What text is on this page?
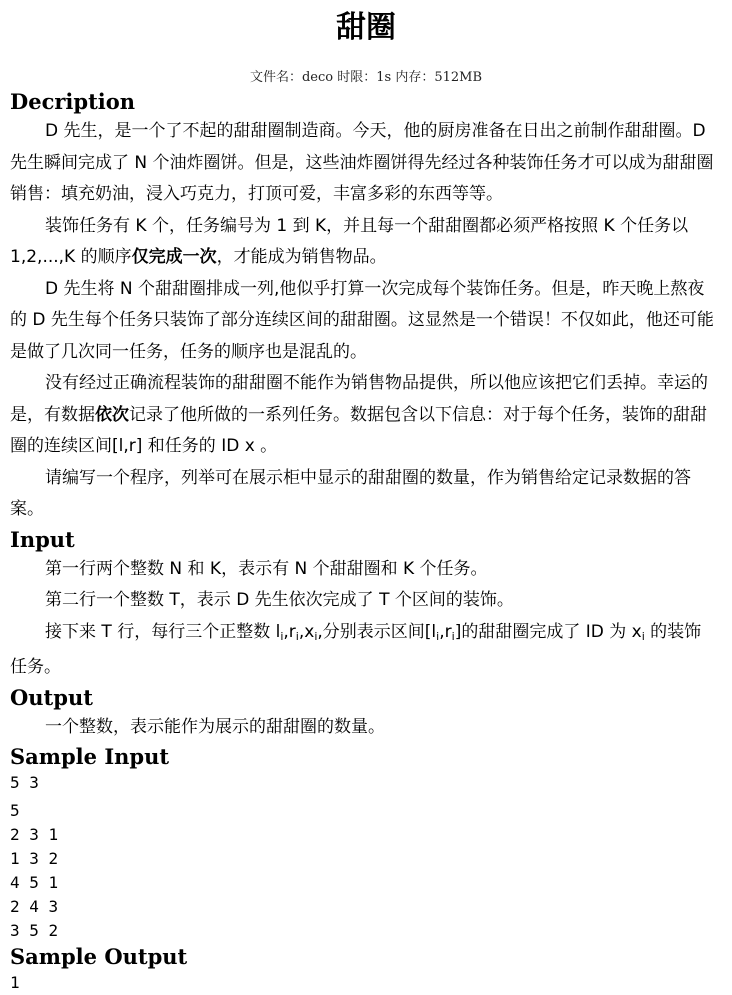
甜圈
文件名：deco 时限：1s 内存：512MB
Decription
D 先生，是一个了不起的甜甜圈制造商。今天，他的厨房准备在日出之前制作甜甜圈。D 先生瞬间完成了 N 个油炸圈饼。但是，这些油炸圈饼得先经过各种装饰任务才可以成为甜甜圈销售：填充奶油，浸入巧克力，打顶可爱，丰富多彩的东西等等。
装饰任务有 K 个，任务编号为 1 到 K，并且每一个甜甜圈都必须严格按照 K 个任务以 1,2,...,K 的顺序仅完成一次，才能成为销售物品。
D 先生将 N 个甜甜圈排成一列,他似乎打算一次完成每个装饰任务。但是，昨天晚上熬夜的 D 先生每个任务只装饰了部分连续区间的甜甜圈。这显然是一个错误！不仅如此，他还可能是做了几次同一任务，任务的顺序也是混乱的。
没有经过正确流程装饰的甜甜圈不能作为销售物品提供，所以他应该把它们丢掉。幸运的是，有数据依次记录了他所做的一系列任务。数据包含以下信息：对于每个任务，装饰的甜甜圈的连续区间[l,r] 和任务的 ID x 。
请编写一个程序，列举可在展示柜中显示的甜甜圈的数量，作为销售给定记录数据的答案。
Input
第一行两个整数 N 和 K，表示有 N 个甜甜圈和 K 个任务。
第二行一个整数 T，表示 D 先生依次完成了 T 个区间的装饰。
接下来 T 行，每行三个正整数 $l_i,r_i,x_i$,分别表示区间$[l_i,r_i]$的甜甜圈完成了 ID 为 $x_i$ 的装饰任务。
Output
一个整数，表示能作为展示的甜甜圈的数量。
Sample Input
5 3
5
2 3 1
1 3 2
4 5 1
2 4 3
3 5 2
Sample Output
1
